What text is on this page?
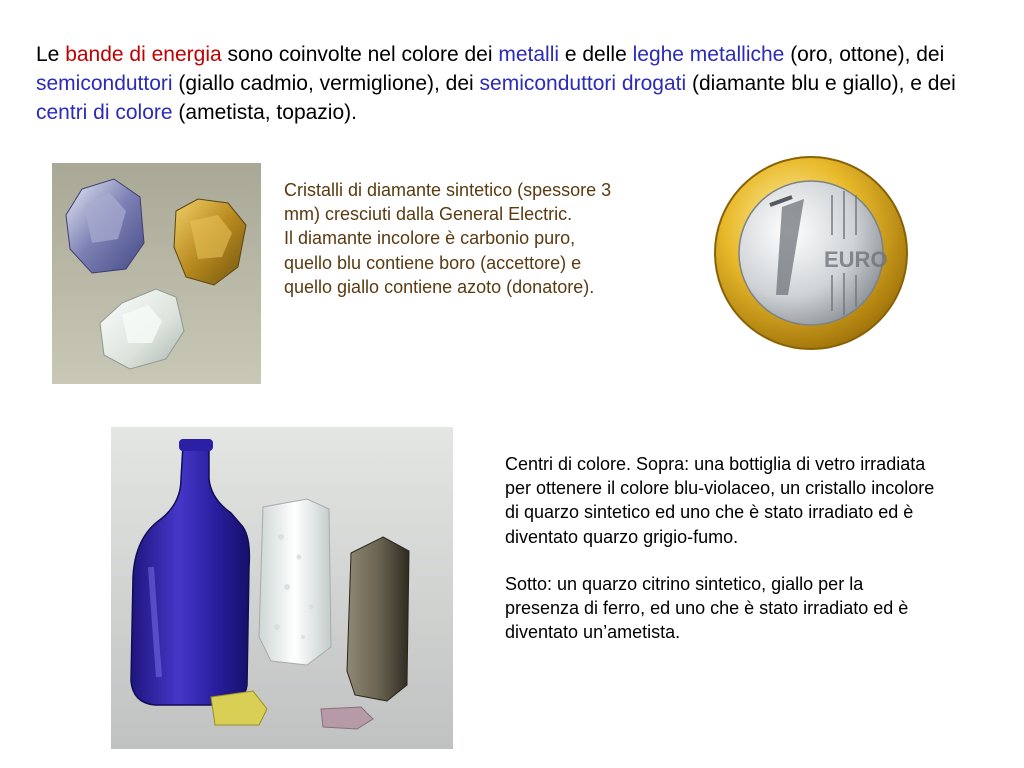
Le bande di energia sono coinvolte nel colore dei metalli e delle leghe metalliche (oro, ottone), dei semiconduttori (giallo cadmio, vermiglione), dei semiconduttori drogati (diamante blu e giallo), e dei centri di colore (ametista, topazio).
Cristalli di diamante sintetico (spessore 3 mm) cresciuti dalla General Electric.
Il diamante incolore è carbonio puro, quello blu contiene boro (accettore) e quello giallo contiene azoto (donatore).
EURO

Centri di colore. Sopra: una bottiglia di vetro irradiata per ottenere il colore blu-violaceo, un cristallo incolore di quarzo sintetico ed uno che è stato irradiato ed è diventato quarzo grigio-fumo.

Sotto: un quarzo citrino sintetico, giallo per la presenza di ferro, ed uno che è stato irradiato ed è diventato un’ametista.
